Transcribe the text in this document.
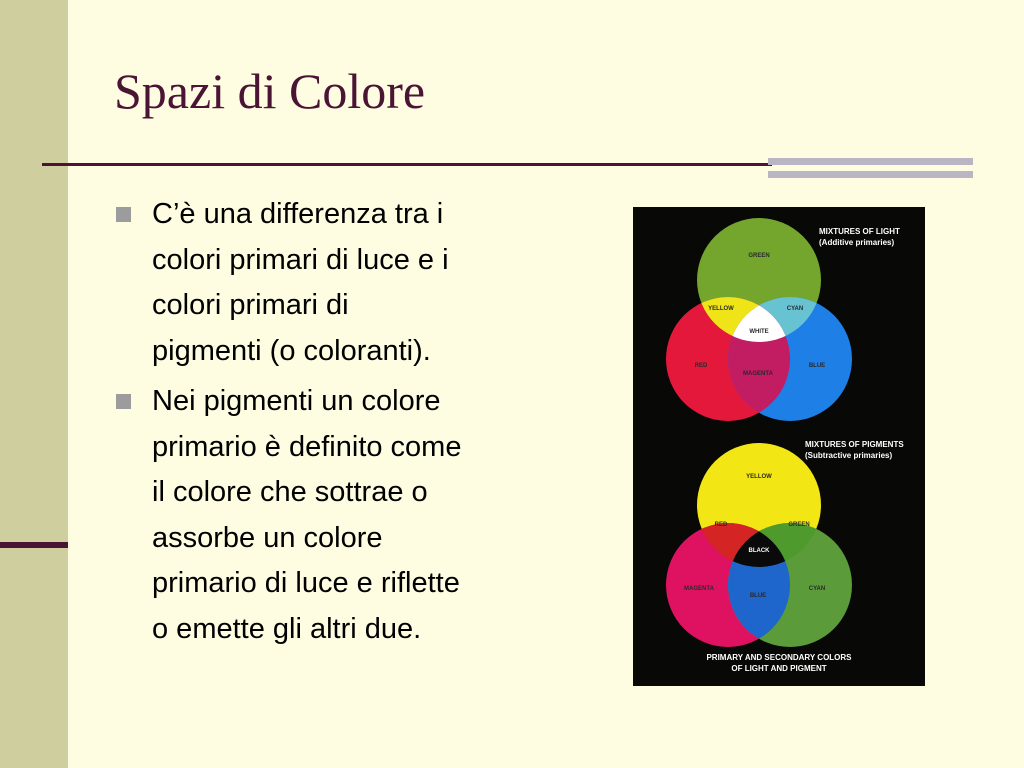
Spazi di Colore
C’è una differenza tra i
colori primari di luce e i
colori primari di
pigmenti (o coloranti).
Nei pigmenti un colore
primario è definito come
il colore che sottrae o
assorbe un colore
primario di luce e riflette
o emette gli altri due.
MIXTURES OF LIGHT
(Additive primaries)
GREEN
YELLOW	CYAN
WHITE
RED	BLUE
MAGENTA
MIXTURES OF PIGMENTS
(Subtractive primaries)
YELLOW
RED	GREEN
BLACK
MAGENTA	CYAN
BLUE
PRIMARY AND SECONDARY COLORS
OF LIGHT AND PIGMENT
